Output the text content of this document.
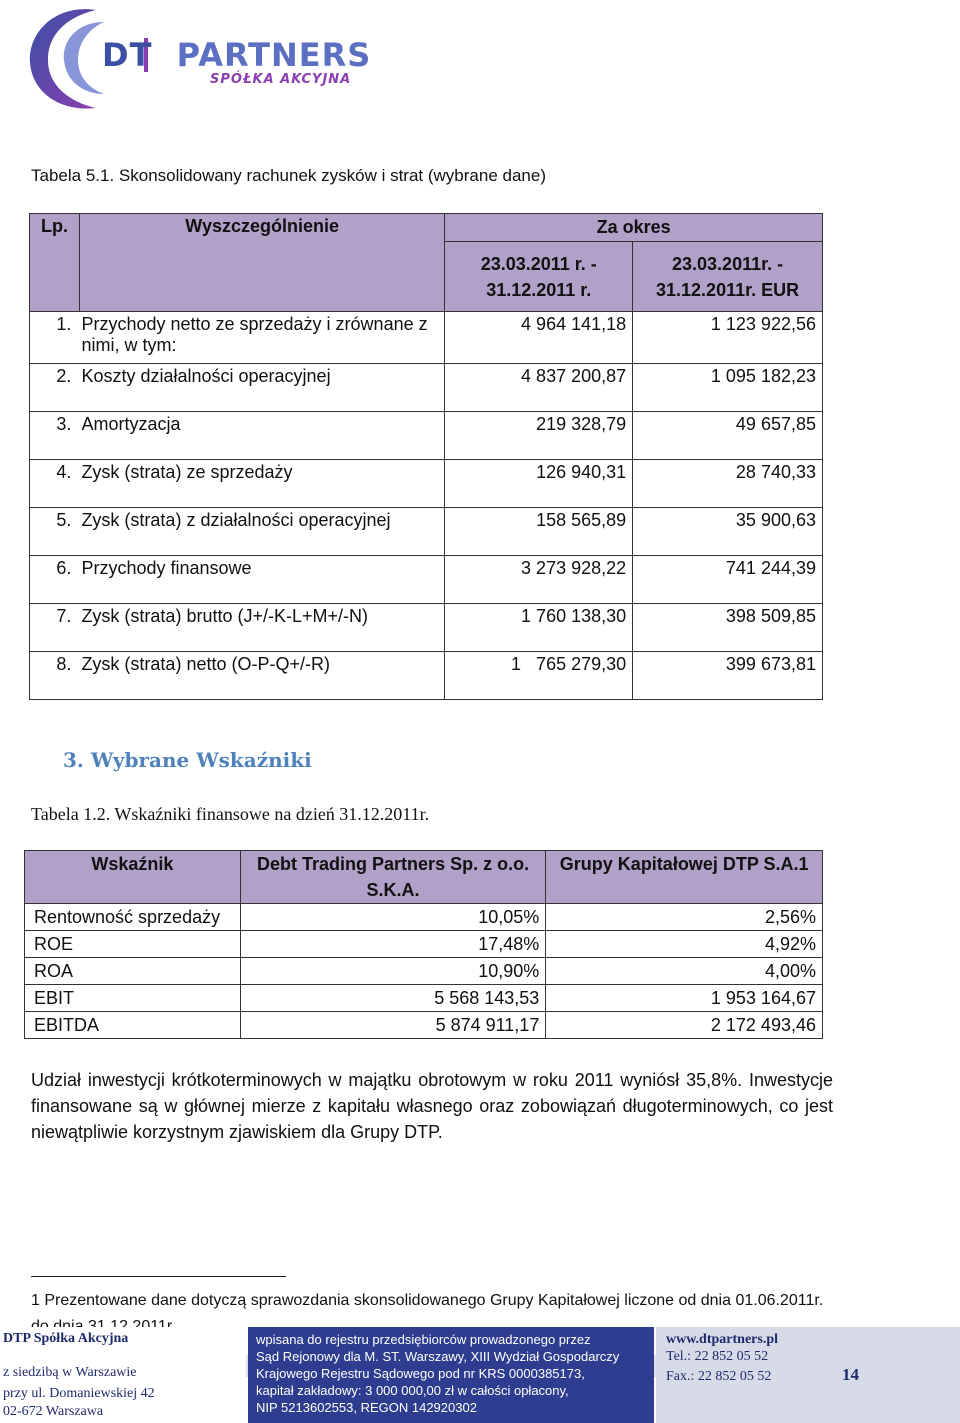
DT PARTNERS
SPÓŁKA AKCYJNA
Tabela 5.1. Skonsolidowany rachunek zysków i strat (wybrane dane)
Lp.	Wyszczególnienie	Za okres	
		23.03.2011 r. - 31.12.2011 r.	23.03.2011r. - 31.12.2011r. EUR
1.	Przychody netto ze sprzedaży i zrównane z nimi, w tym:	4 964 141,18	1 123 922,56
2.	Koszty działalności operacyjnej	4 837 200,87	1 095 182,23
3.	Amortyzacja	219 328,79	49 657,85
4.	Zysk (strata) ze sprzedaży	126 940,31	28 740,33
5.	Zysk (strata) z działalności operacyjnej	158 565,89	35 900,63
6.	Przychody finansowe	3 273 928,22	741 244,39
7.	Zysk (strata) brutto (J+/-K-L+M+/-N)	1 760 138,30	398 509,85
8.	Zysk (strata) netto (O-P-Q+/-R)	1   765 279,30	399 673,81
3. Wybrane Wskaźniki
Tabela 1.2. Wskaźniki finansowe na dzień 31.12.2011r.
Wskaźnik	Debt Trading Partners Sp. z o.o. S.K.A.	Grupy Kapitałowej DTP S.A.1
Rentowność sprzedaży	10,05%	2,56%
ROE	17,48%	4,92%
ROA	10,90%	4,00%
EBIT	5 568 143,53	1 953 164,67
EBITDA	5 874 911,17	2 172 493,46
Udział inwestycji krótkoterminowych w majątku obrotowym w roku 2011 wyniósł 35,8%. Inwestycje finansowane są w głównej mierze z kapitału własnego oraz zobowiązań długoterminowych, co jest niewątpliwie korzystnym zjawiskiem dla Grupy DTP.
1 Prezentowane dane dotyczą sprawozdania skonsolidowanego Grupy Kapitałowej liczone od dnia 01.06.2011r.
DTP Spółka Akcyjna
z siedzibą w Warszawie
przy ul. Domaniewskiej 42
02-672 Warszawa
wpisana do rejestru przedsiębiorców prowadzonego przez
Sąd Rejonowy dla M. ST. Warszawy, XIII Wydział Gospodarczy
Krajowego Rejestru Sądowego pod nr KRS 0000385173,
kapitał zakładowy: 3 000 000,00 zł w całości opłacony,
NIP 5213602553, REGON 142920302
www.dtpartners.pl
Tel.: 22 852 05 52
Fax.: 22 852 05 52	14
